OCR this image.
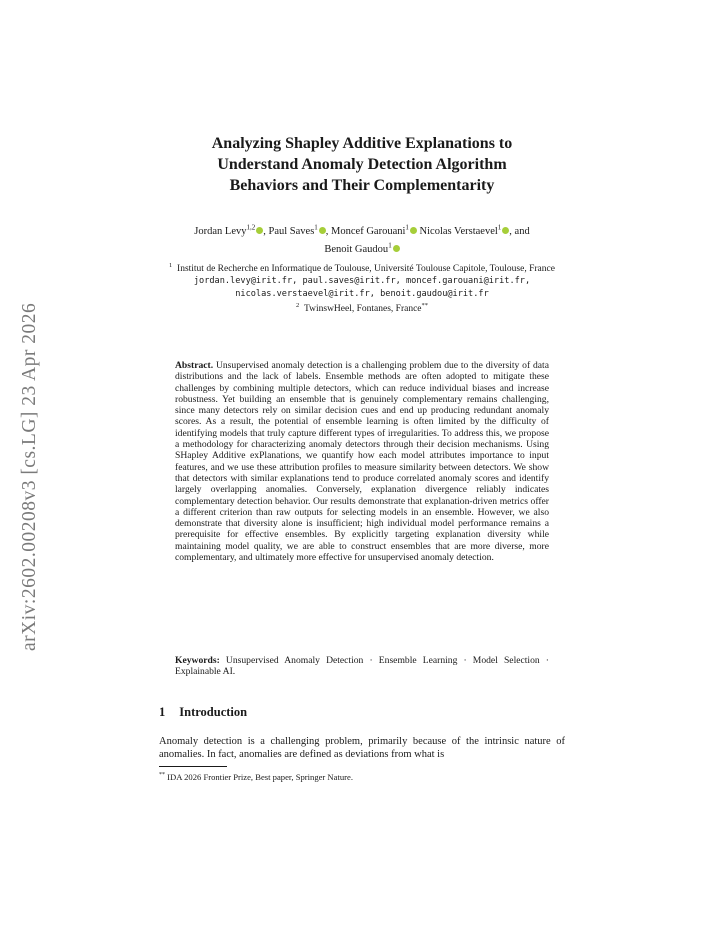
arXiv:2602.00208v3 [cs.LG] 23 Apr 2026
Analyzing Shapley Additive Explanations to
Understand Anomaly Detection Algorithm
Behaviors and Their Complementarity
Jordan Levy$^{1,2}$ , Paul Saves$^1$ , Moncef Garouani$^1$ Nicolas Verstaevel$^1$ , and
Benoit Gaudou$^1$
$^1$ Institut de Recherche en Informatique de Toulouse, Université Toulouse Capitole, Toulouse, France
jordan.levy@irit.fr, paul.saves@irit.fr, moncef.garouani@irit.fr,
nicolas.verstaevel@irit.fr, benoit.gaudou@irit.fr
$^2$ TwinswHeel, Fontanes, France**

Abstract. Unsupervised anomaly detection is a challenging problem due to the diversity of data distributions and the lack of labels. Ensemble methods are often adopted to mitigate these challenges by combining multiple detectors, which can reduce individual biases and increase robustness. Yet building an ensemble that is genuinely complementary remains challenging, since many detectors rely on similar decision cues and end up producing redundant anomaly scores. As a result, the potential of ensemble learning is often limited by the difficulty of identifying models that truly capture different types of irregularities. To address this, we propose a methodology for characterizing anomaly detectors through their decision mechanisms. Using SHapley Additive exPlanations, we quantify how each model attributes importance to input features, and we use these attribution profiles to measure similarity between detectors. We show that detectors with similar explanations tend to produce correlated anomaly scores and identify largely overlapping anomalies. Conversely, explanation divergence reliably indicates complementary detection behavior. Our results demonstrate that explanation-driven metrics offer a different criterion than raw outputs for selecting models in an ensemble. However, we also demonstrate that diversity alone is insufficient; high individual model performance remains a prerequisite for effective ensembles. By explicitly targeting explanation diversity while maintaining model quality, we are able to construct ensembles that are more diverse, more complementary, and ultimately more effective for unsupervised anomaly detection.

Keywords: Unsupervised Anomaly Detection · Ensemble Learning · Model Selection · Explainable AI.

1 Introduction

Anomaly detection is a challenging problem, primarily because of the intrinsic nature of anomalies. In fact, anomalies are defined as deviations from what is

** IDA 2026 Frontier Prize, Best paper, Springer Nature.
